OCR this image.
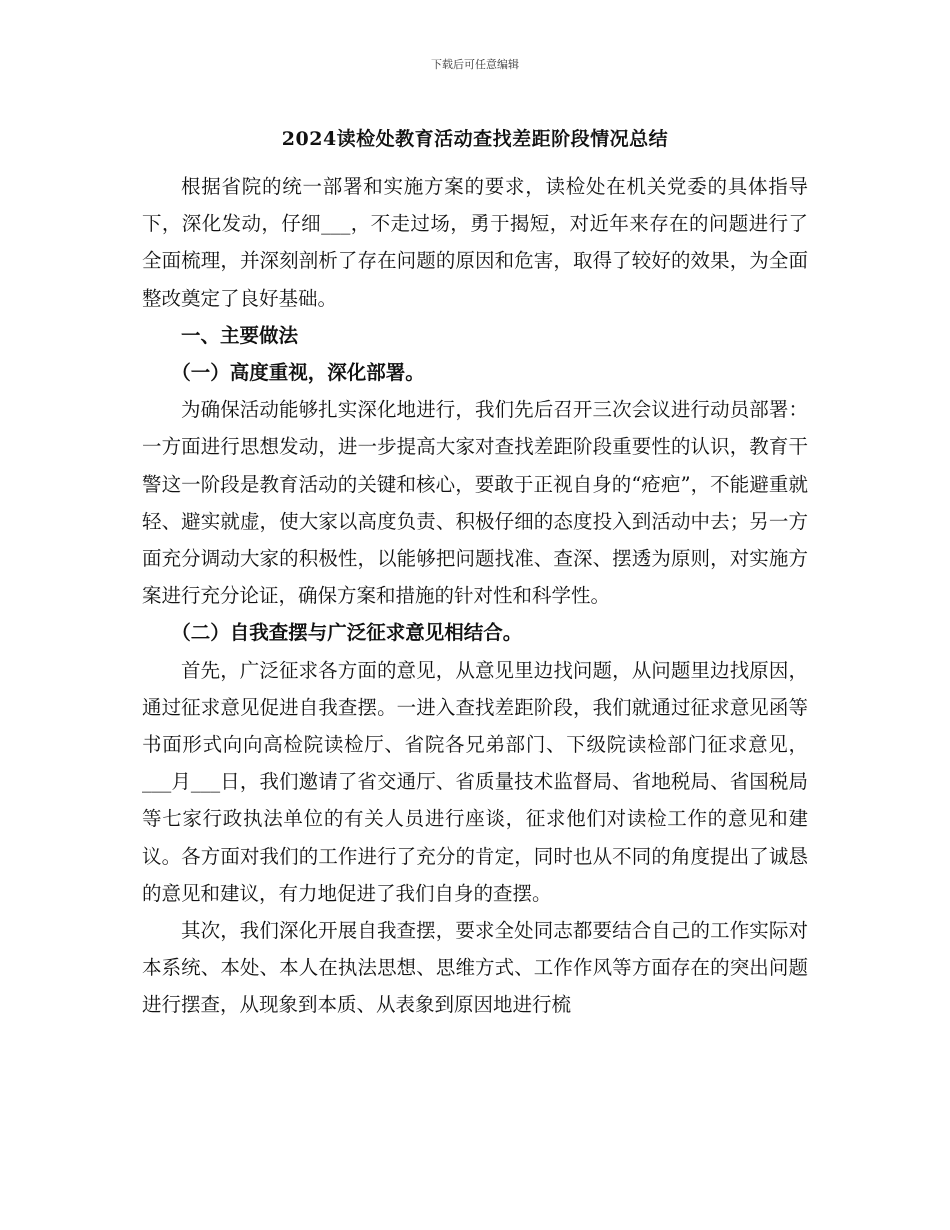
下载后可任意编辑
2024读检处教育活动查找差距阶段情况总结

根据省院的统一部署和实施方案的要求，读检处在机关党委的具体指导下，深化发动，仔细___，不走过场，勇于揭短，对近年来存在的问题进行了全面梳理，并深刻剖析了存在问题的原因和危害，取得了较好的效果，为全面整改奠定了良好基础。

一、主要做法
（一）高度重视，深化部署。

为确保活动能够扎实深化地进行，我们先后召开三次会议进行动员部署：一方面进行思想发动，进一步提高大家对查找差距阶段重要性的认识，教育干警这一阶段是教育活动的关键和核心，要敢于正视自身的“疮疤”，不能避重就轻、避实就虚，使大家以高度负责、积极仔细的态度投入到活动中去；另一方面充分调动大家的积极性，以能够把问题找准、查深、摆透为原则，对实施方案进行充分论证，确保方案和措施的针对性和科学性。

（二）自我查摆与广泛征求意见相结合。

首先，广泛征求各方面的意见，从意见里边找问题，从问题里边找原因，通过征求意见促进自我查摆。一进入查找差距阶段，我们就通过征求意见函等书面形式向向高检院读检厅、省院各兄弟部门、下级院读检部门征求意见，___月___日，我们邀请了省交通厅、省质量技术监督局、省地税局、省国税局等七家行政执法单位的有关人员进行座谈，征求他们对读检工作的意见和建议。各方面对我们的工作进行了充分的肯定，同时也从不同的角度提出了诚恳的意见和建议，有力地促进了我们自身的查摆。

其次，我们深化开展自我查摆，要求全处同志都要结合自己的工作实际对本系统、本处、本人在执法思想、思维方式、工作作风等方面存在的突出问题进行摆查，从现象到本质、从表象到原因地进行梳
